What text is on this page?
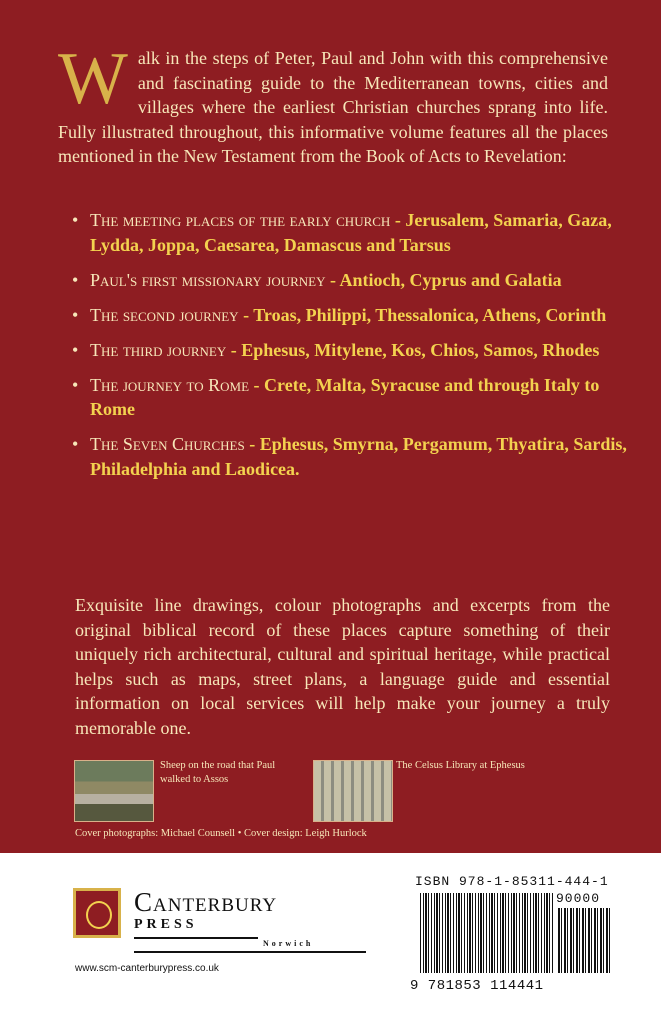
Walk in the steps of Peter, Paul and John with this comprehensive and fascinating guide to the Mediterranean towns, cities and villages where the earliest Christian churches sprang into life. Fully illustrated throughout, this informative volume features all the places mentioned in the New Testament from the Book of Acts to Revelation:
• The meeting places of the early church - Jerusalem, Samaria, Gaza, Lydda, Joppa, Caesarea, Damascus and Tarsus
• Paul's first missionary journey - Antioch, Cyprus and Galatia
• The second journey - Troas, Philippi, Thessalonica, Athens, Corinth
• The third journey - Ephesus, Mitylene, Kos, Chios, Samos, Rhodes
• The journey to Rome - Crete, Malta, Syracuse and through Italy to Rome
• The Seven Churches - Ephesus, Smyrna, Pergamum, Thyatira, Sardis, Philadelphia and Laodicea.
Exquisite line drawings, colour photographs and excerpts from the original biblical record of these places capture something of their uniquely rich architectural, cultural and spiritual heritage, while practical helps such as maps, street plans, a language guide and essential information on local services will help make your journey a truly memorable one.
Sheep on the road that Paul walked to Assos
The Celsus Library at Ephesus
Cover photographs: Michael Counsell • Cover design: Leigh Hurlock
Canterbury
PRESS
Norwich
www.scm-canterburypress.co.uk
ISBN 978-1-85311-444-1
90000
9 781853 114441
